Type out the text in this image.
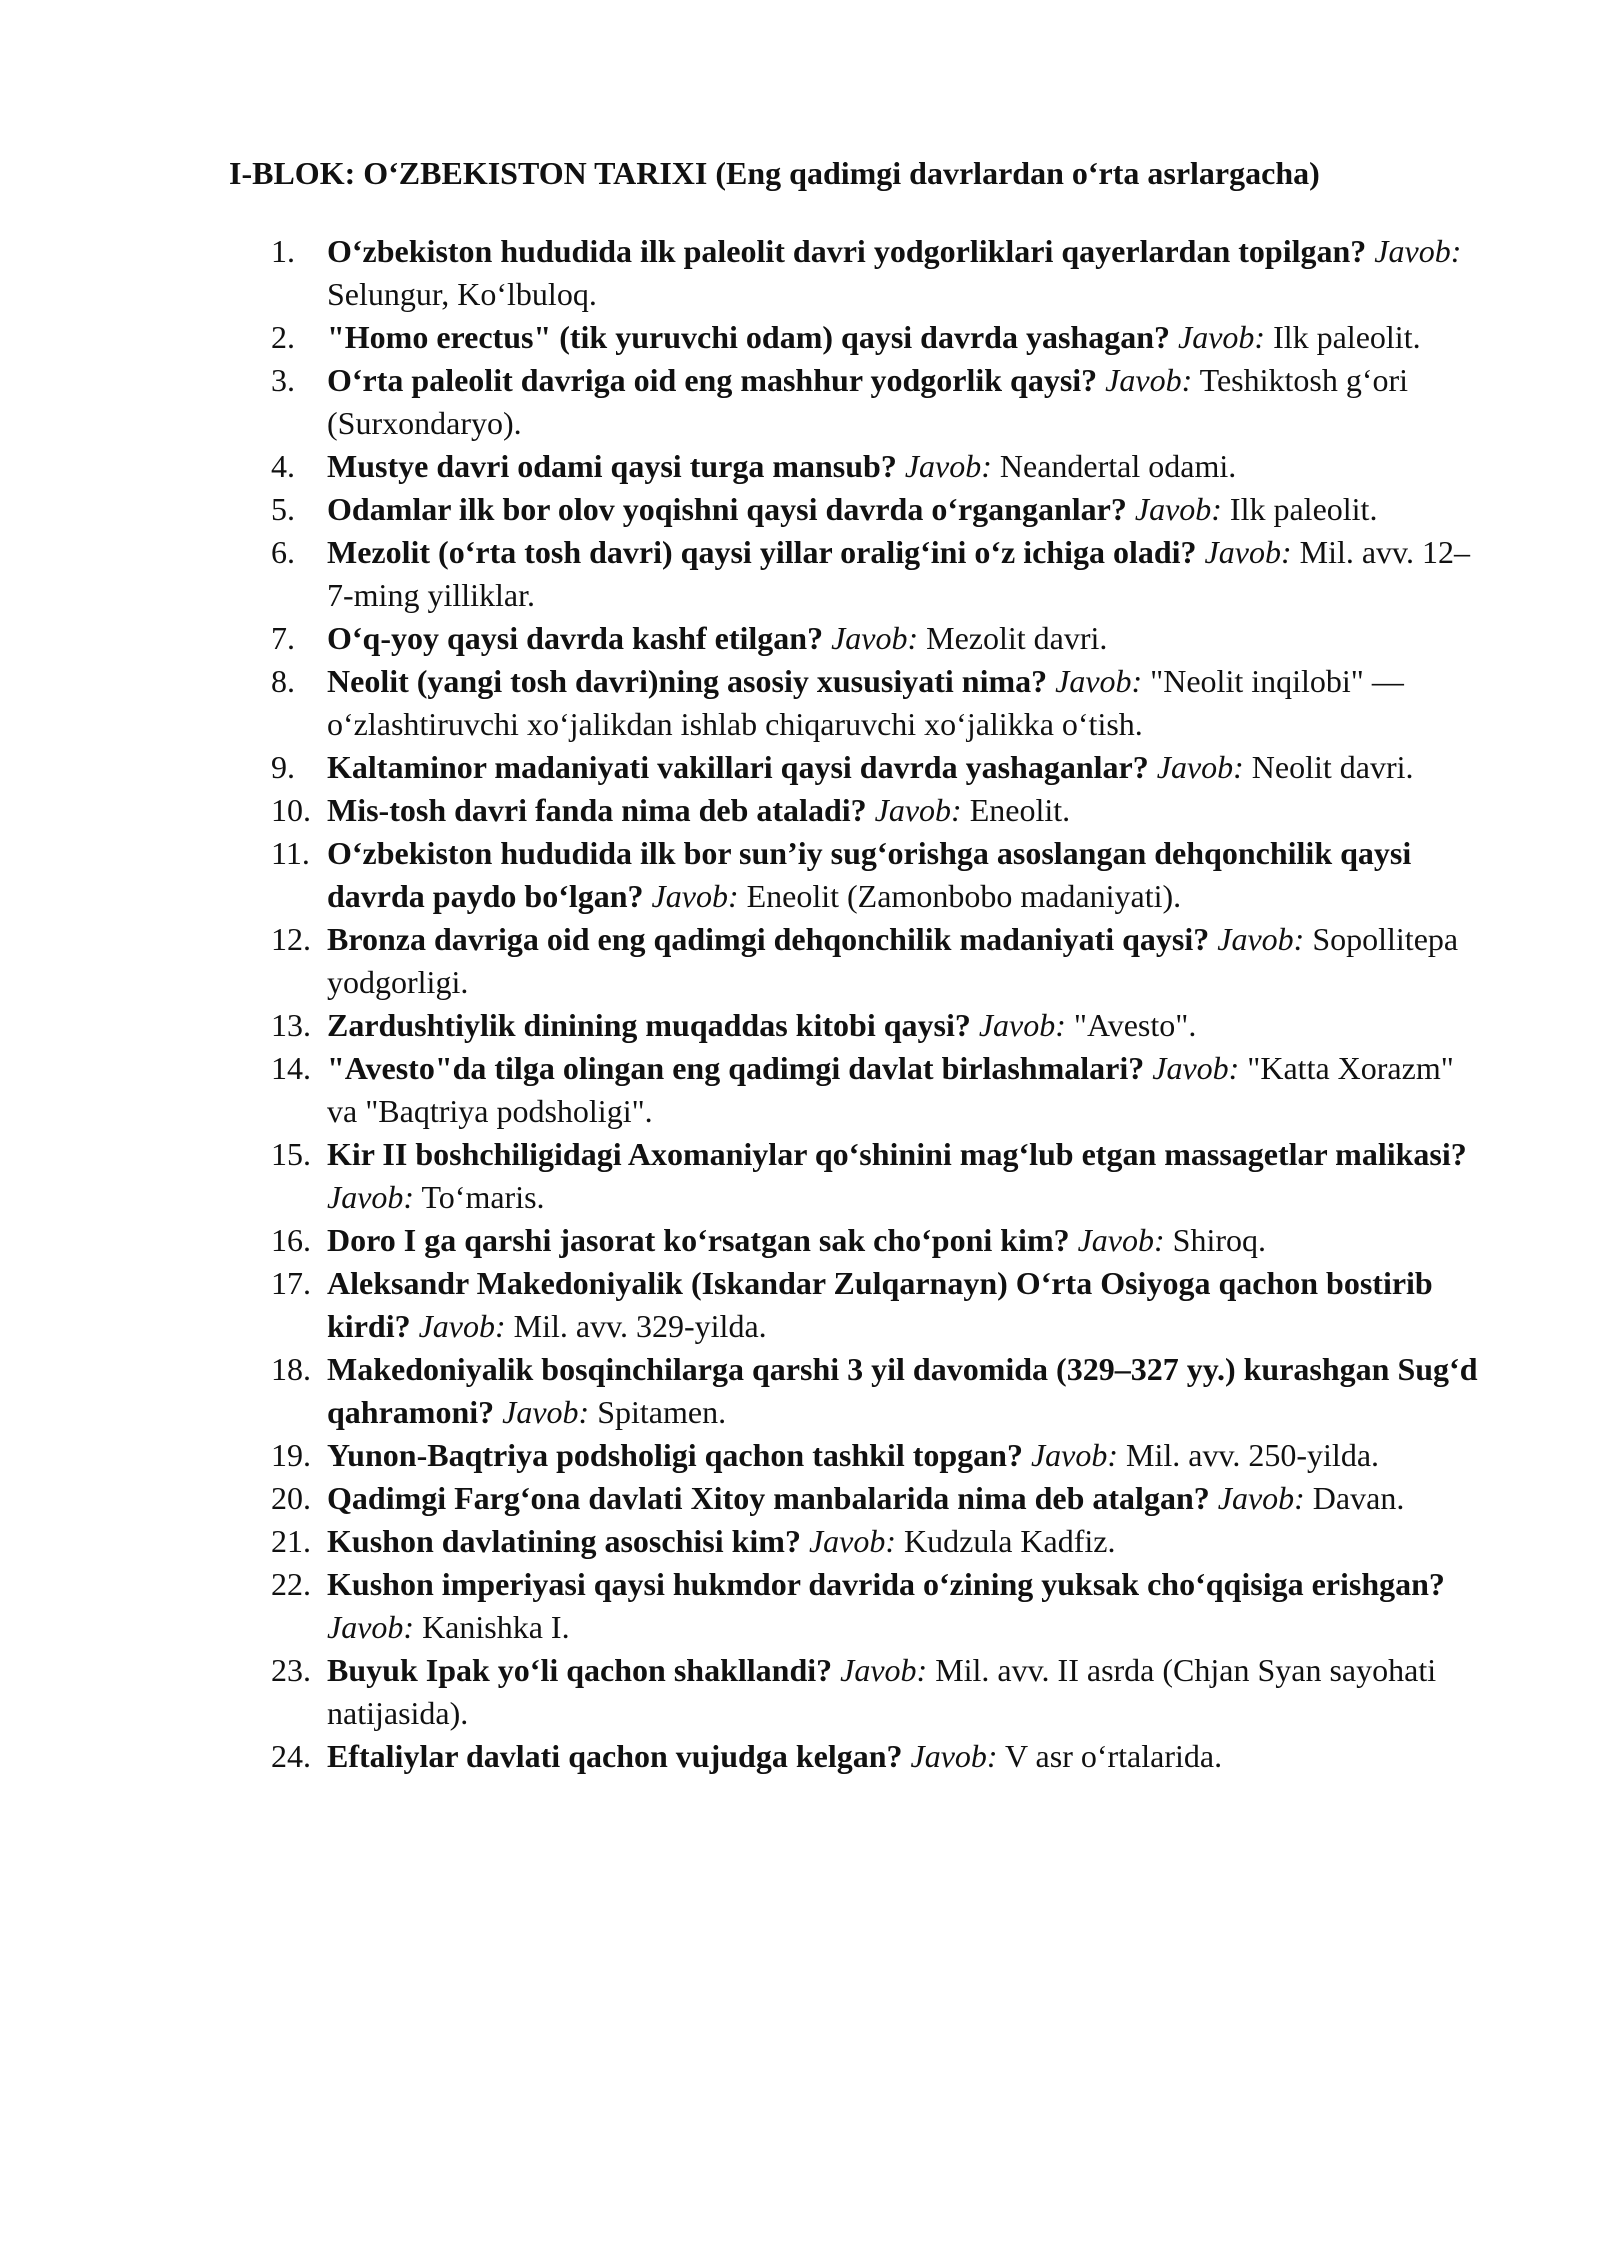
I-BLOK: O‘ZBEKISTON TARIXI (Eng qadimgi davrlardan o‘rta asrlargacha)
1. O‘zbekiston hududida ilk paleolit davri yodgorliklari qayerlardan topilgan? Javob: Selungur, Ko‘lbuloq.
2. "Homo erectus" (tik yuruvchi odam) qaysi davrda yashagan? Javob: Ilk paleolit.
3. O‘rta paleolit davriga oid eng mashhur yodgorlik qaysi? Javob: Teshiktosh g‘ori (Surxondaryo).
4. Mustye davri odami qaysi turga mansub? Javob: Neandertal odami.
5. Odamlar ilk bor olov yoqishni qaysi davrda o‘rganganlar? Javob: Ilk paleolit.
6. Mezolit (o‘rta tosh davri) qaysi yillar oralig‘ini o‘z ichiga oladi? Javob: Mil. avv. 12–7-ming yilliklar.
7. O‘q-yoy qaysi davrda kashf etilgan? Javob: Mezolit davri.
8. Neolit (yangi tosh davri)ning asosiy xususiyati nima? Javob: "Neolit inqilobi" — o‘zlashtiruvchi xo‘jalikdan ishlab chiqaruvchi xo‘jalikka o‘tish.
9. Kaltaminor madaniyati vakillari qaysi davrda yashaganlar? Javob: Neolit davri.
10. Mis-tosh davri fanda nima deb ataladi? Javob: Eneolit.
11. O‘zbekiston hududida ilk bor sun’iy sug‘orishga asoslangan dehqonchilik qaysi davrda paydo bo‘lgan? Javob: Eneolit (Zamonbobo madaniyati).
12. Bronza davriga oid eng qadimgi dehqonchilik madaniyati qaysi? Javob: Sopollitepa yodgorligi.
13. Zardushtiylik dinining muqaddas kitobi qaysi? Javob: "Avesto".
14. "Avesto"da tilga olingan eng qadimgi davlat birlashmalari? Javob: "Katta Xorazm" va "Baqtriya podsholigi".
15. Kir II boshchiligidagi Axomaniylar qo‘shinini mag‘lub etgan massagetlar malikasi? Javob: To‘maris.
16. Doro I ga qarshi jasorat ko‘rsatgan sak cho‘poni kim? Javob: Shiroq.
17. Aleksandr Makedoniyalik (Iskandar Zulqarnayn) O‘rta Osiyoga qachon bostirib kirdi? Javob: Mil. avv. 329-yilda.
18. Makedoniyalik bosqinchilarga qarshi 3 yil davomida (329–327 yy.) kurashgan Sug‘d qahramoni? Javob: Spitamen.
19. Yunon-Baqtriya podsholigi qachon tashkil topgan? Javob: Mil. avv. 250-yilda.
20. Qadimgi Farg‘ona davlati Xitoy manbalarida nima deb atalgan? Javob: Davan.
21. Kushon davlatining asoschisi kim? Javob: Kudzula Kadfiz.
22. Kushon imperiyasi qaysi hukmdor davrida o‘zining yuksak cho‘qqisiga erishgan? Javob: Kanishka I.
23. Buyuk Ipak yo‘li qachon shakllandi? Javob: Mil. avv. II asrda (Chjan Syan sayohati natijasida).
24. Eftaliylar davlati qachon vujudga kelgan? Javob: V asr o‘rtalarida.
